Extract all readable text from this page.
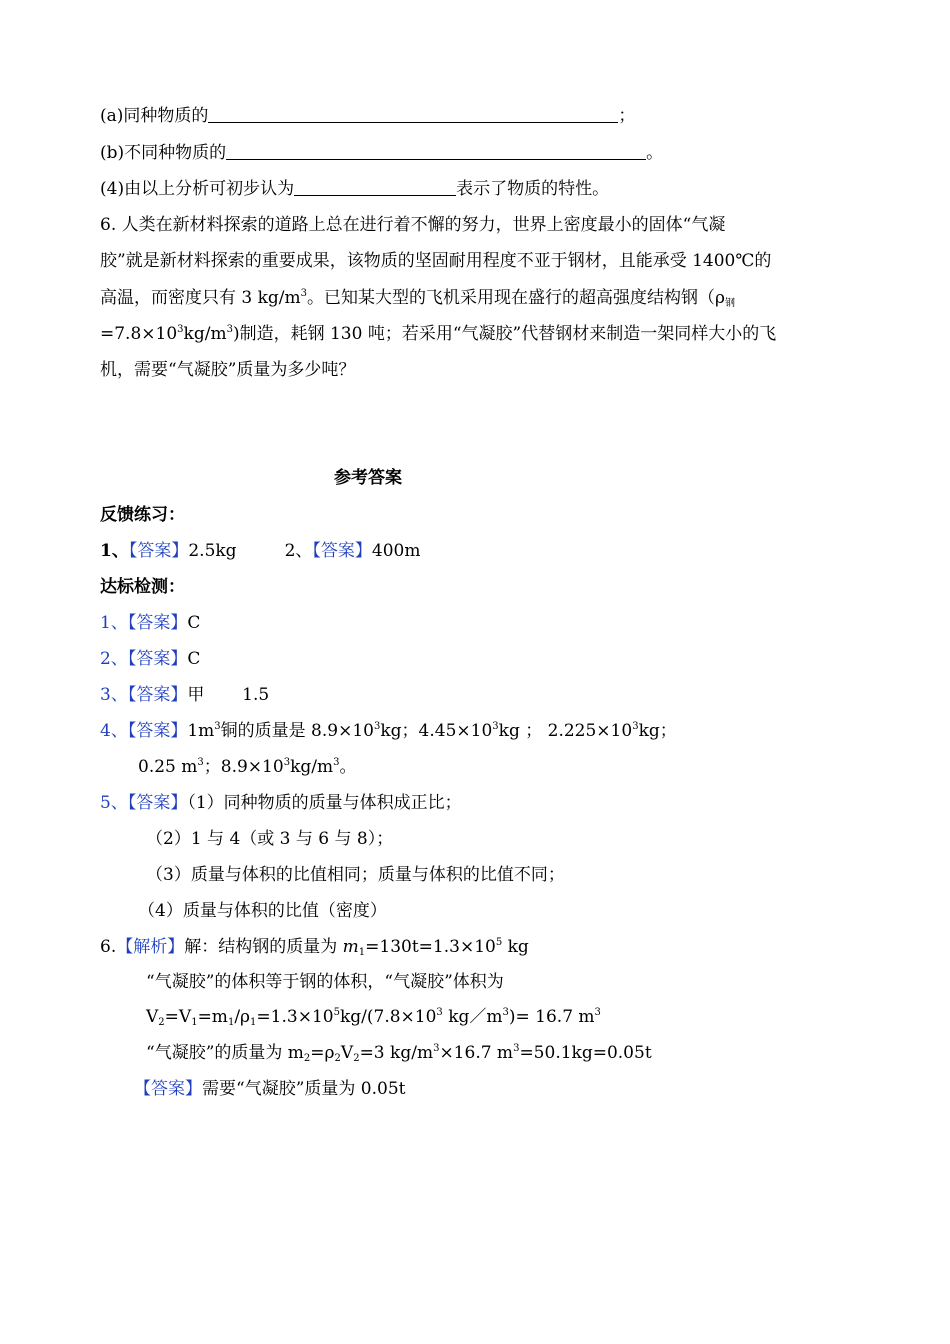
(a)同种物质的	；
(b)不同种物质的	。
(4)由以上分析可初步认为	表示了物质的特性。
6. 人类在新材料探索的道路上总在进行着不懈的努力，世界上密度最小的固体“气凝
胶”就是新材料探索的重要成果，该物质的坚固耐用程度不亚于钢材，且能承受 1400℃的
高温，而密度只有 3 $kg/m^3$。已知某大型的飞机采用现在盛行的超高强度结构钢（$\rho_钢$
$=7.8\times 10^3kg/m^3$)制造，耗钢 130 吨；若采用“气凝胶”代替钢材来制造一架同样大小的飞
机，需要“气凝胶”质量为多少吨？
参考答案
反馈练习：
1、【答案】2.5kg	2、【答案】400m
达标检测：
1、【答案】C
2、【答案】C
3、【答案】甲       1.5
4、【答案】$1m^3$铜的质量是 $8.9\times 10^3kg$；$4.45\times 10^3kg$ ； $2.225\times 10^3kg$；
0.25 $m^3$；$8.9\times 10^3kg/m^3$。
5、【答案】（1）同种物质的质量与体积成正比；
（2）1 与 4（或 3 与 6 与 8）；
（3）质量与体积的比值相同；质量与体积的比值不同；
（4）质量与体积的比值（密度）
6.【解析】解：结构钢的质量为 $m_1=130t=1.3\times 10^5$ kg
“气凝胶”的体积等于钢的体积，“气凝胶”体积为
$V_2=V_1=m_1/\rho_1=1.3\times 10^5kg/(7.8\times 10^3$ $kg/m^3)= 16.7$ $m^3$
“气凝胶”的质量为 $m_2=\rho_2V_2=3$ $kg/m^3\times 16.7$ $m^3=50.1kg=0.05t$
【答案】需要“气凝胶”质量为 0.05t
